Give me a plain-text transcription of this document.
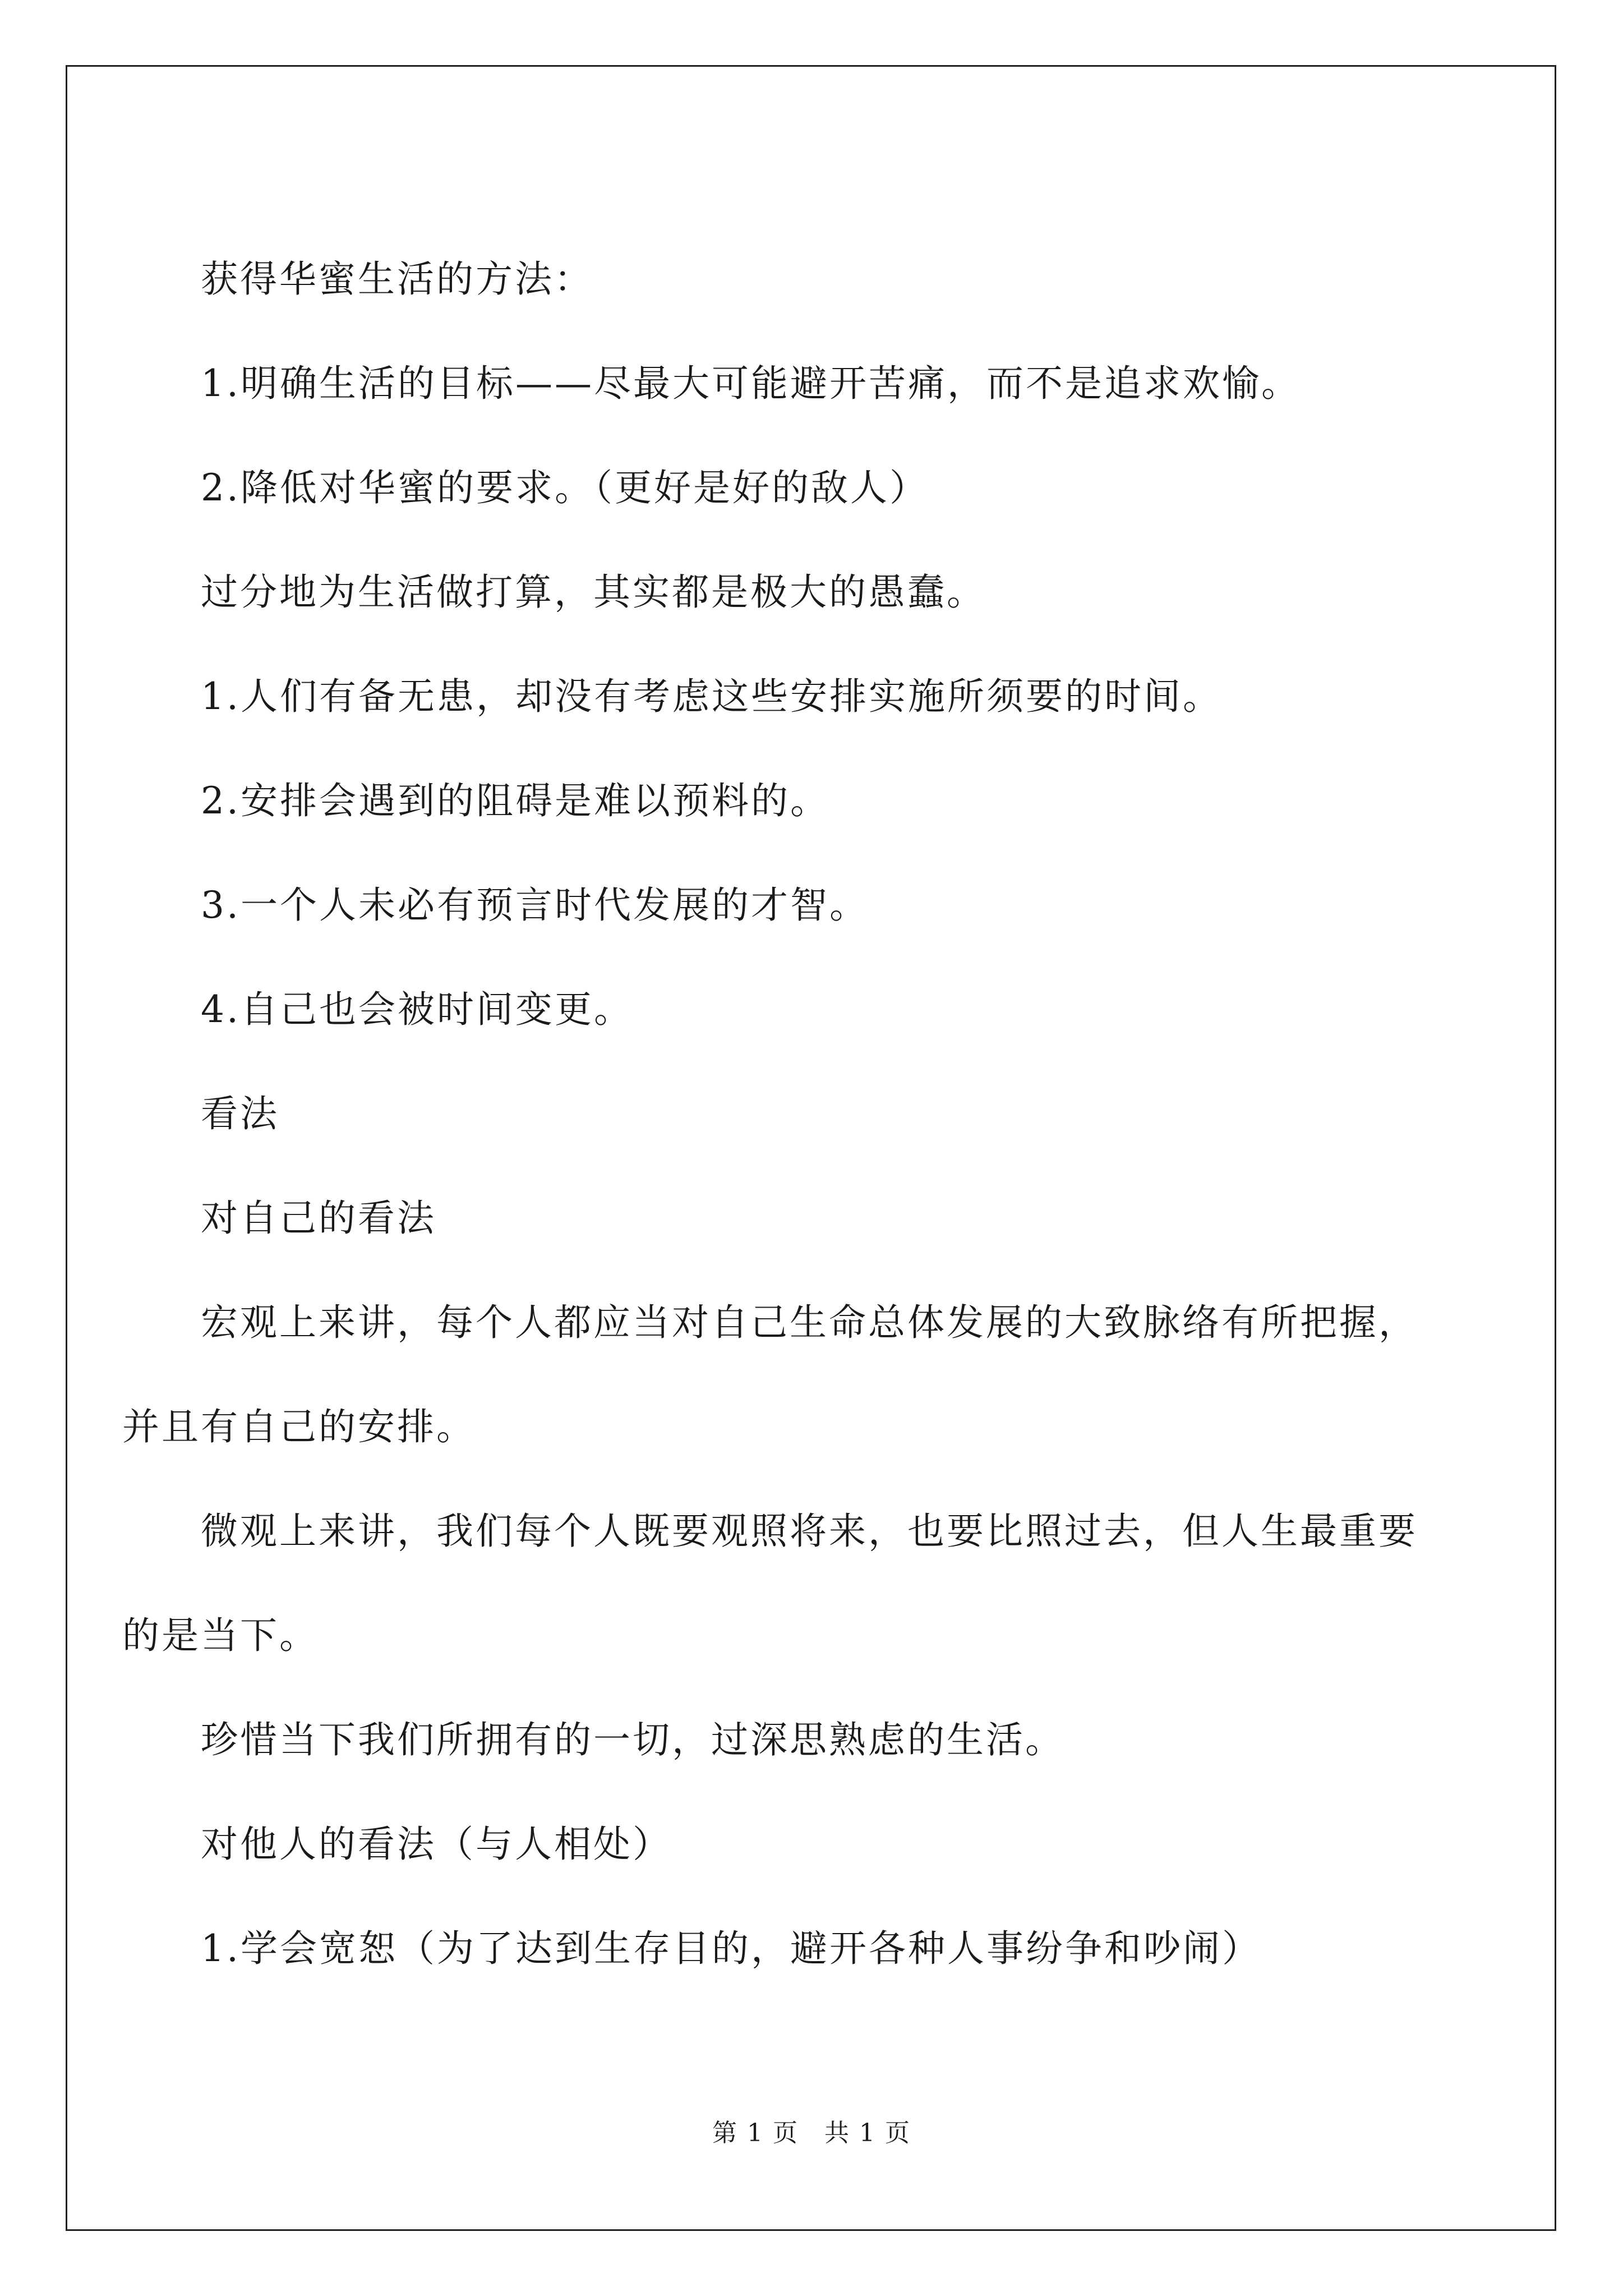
获得华蜜生活的方法：

1.明确生活的目标——尽最大可能避开苦痛，而不是追求欢愉。

2.降低对华蜜的要求。（更好是好的敌人）

过分地为生活做打算，其实都是极大的愚蠢。

1.人们有备无患，却没有考虑这些安排实施所须要的时间。

2.安排会遇到的阻碍是难以预料的。

3.一个人未必有预言时代发展的才智。

4.自己也会被时间变更。

看法

对自己的看法

宏观上来讲，每个人都应当对自己生命总体发展的大致脉络有所把握，并且有自己的安排。

微观上来讲，我们每个人既要观照将来，也要比照过去，但人生最重要的是当下。

珍惜当下我们所拥有的一切，过深思熟虑的生活。

对他人的看法（与人相处）

1.学会宽恕（为了达到生存目的，避开各种人事纷争和吵闹）

第 1 页 共 1 页
